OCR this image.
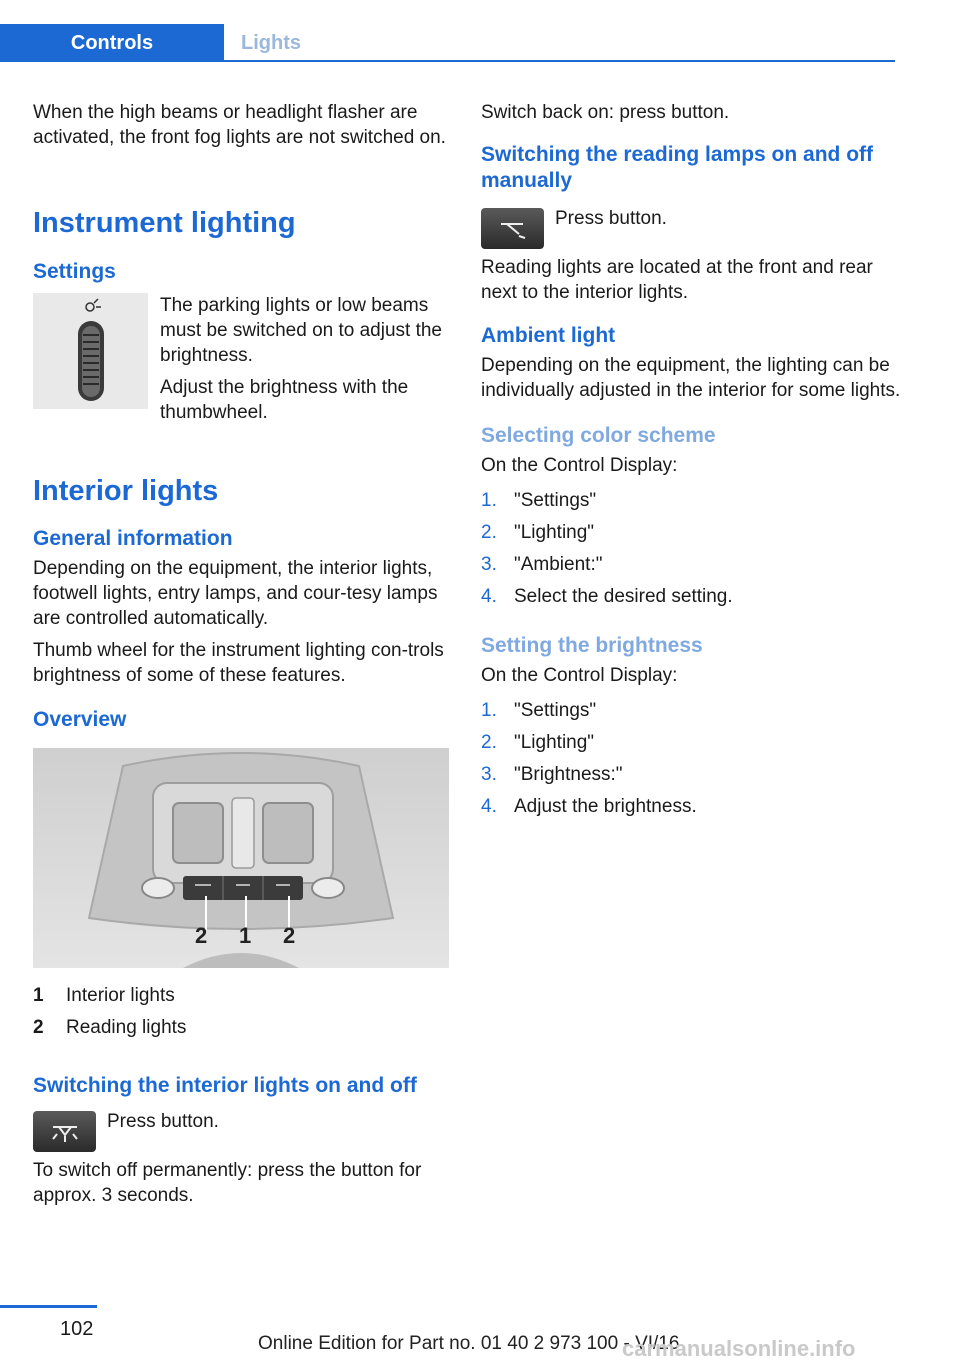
Controls	Lights

When the high beams or headlight flasher are activated, the front fog lights are not switched on.

Instrument lighting
Settings

The parking lights or low beams must be switched on to adjust the brightness.

Adjust the brightness with the thumbwheel.

Interior lights
General information

Depending on the equipment, the interior lights, footwell lights, entry lamps, and cour‐tesy lamps are controlled automatically.

Thumb wheel for the instrument lighting con‐trols brightness of some of these features.

Overview
2 1 2
1	Interior lights
2	Reading lights
Switching the interior lights on and off

Press button.

To switch off permanently: press the button for approx. 3 seconds.

Switch back on: press button.

Switching the reading lamps on and off manually

Press button.

Reading lights are located at the front and rear next to the interior lights.

Ambient light

Depending on the equipment, the lighting can be individually adjusted in the interior for some lights.

Selecting color scheme

On the Control Display:

1. "Settings"
2. "Lighting"
3. "Ambient:"
4. Select the desired setting.
Setting the brightness

On the Control Display:

1. "Settings"
2. "Lighting"
3. "Brightness:"
4. Adjust the brightness.
102
Online Edition for Part no. 01 40 2 973 100 - VI/16
carmanualsonline.info
